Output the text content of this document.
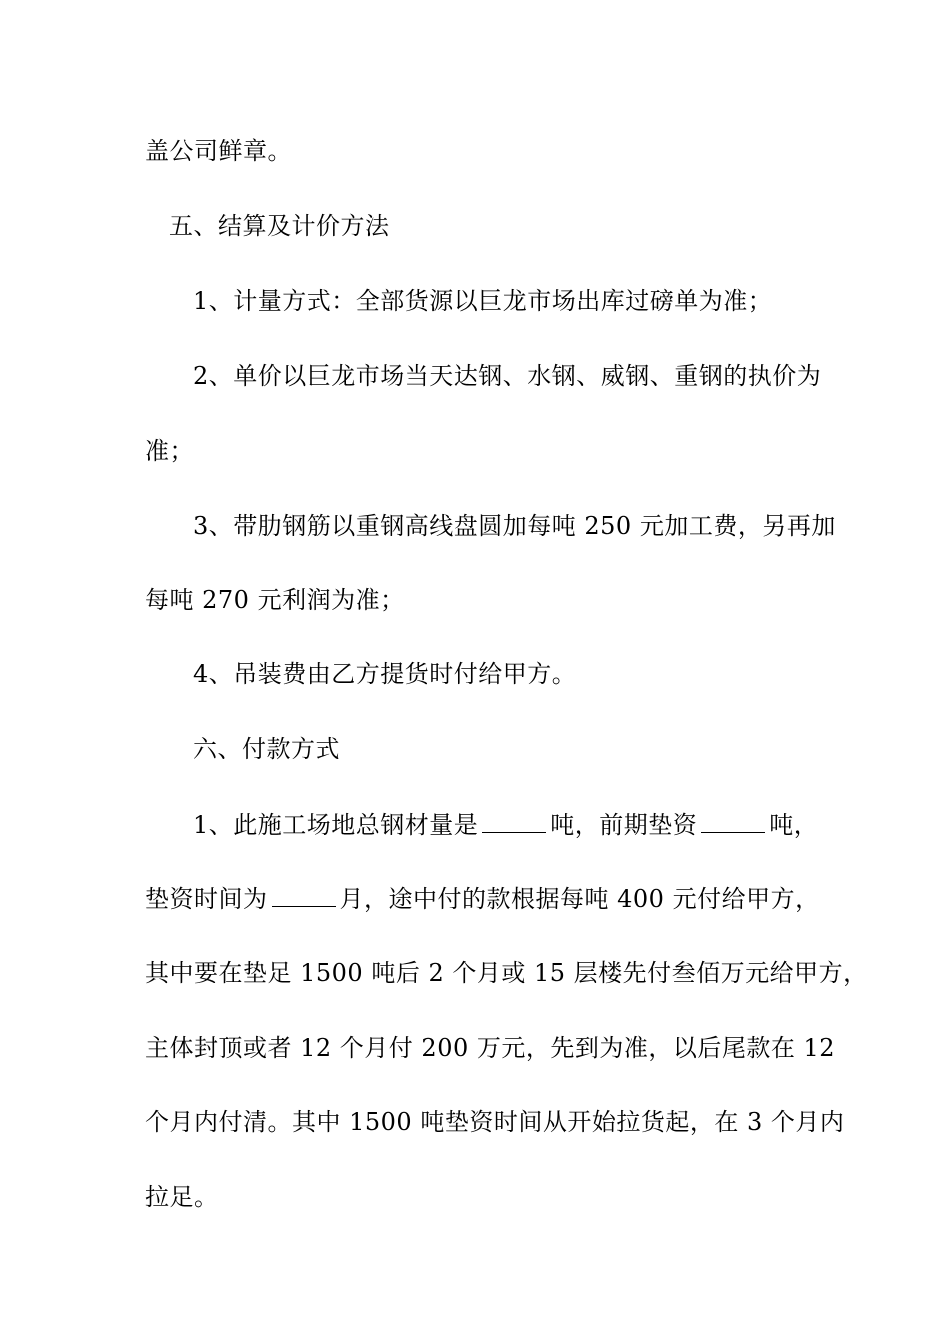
盖公司鲜章。
五、结算及计价方法
1、计量方式：全部货源以巨龙市场出库过磅单为准；
2、单价以巨龙市场当天达钢、水钢、威钢、重钢的执价为
准；
3、带肋钢筋以重钢高线盘圆加每吨 250 元加工费，另再加
每吨 270 元利润为准；
4、吊装费由乙方提货时付给甲方。
六、付款方式
1、此施工场地总钢材量是	吨，前期垫资	吨，
垫资时间为	月，途中付的款根据每吨 400 元付给甲方，
其中要在垫足 1500 吨后 2 个月或 15 层楼先付叁佰万元给甲方，
主体封顶或者 12 个月付 200 万元，先到为准，以后尾款在 12
个月内付清。其中 1500 吨垫资时间从开始拉货起，在 3 个月内
拉足。
